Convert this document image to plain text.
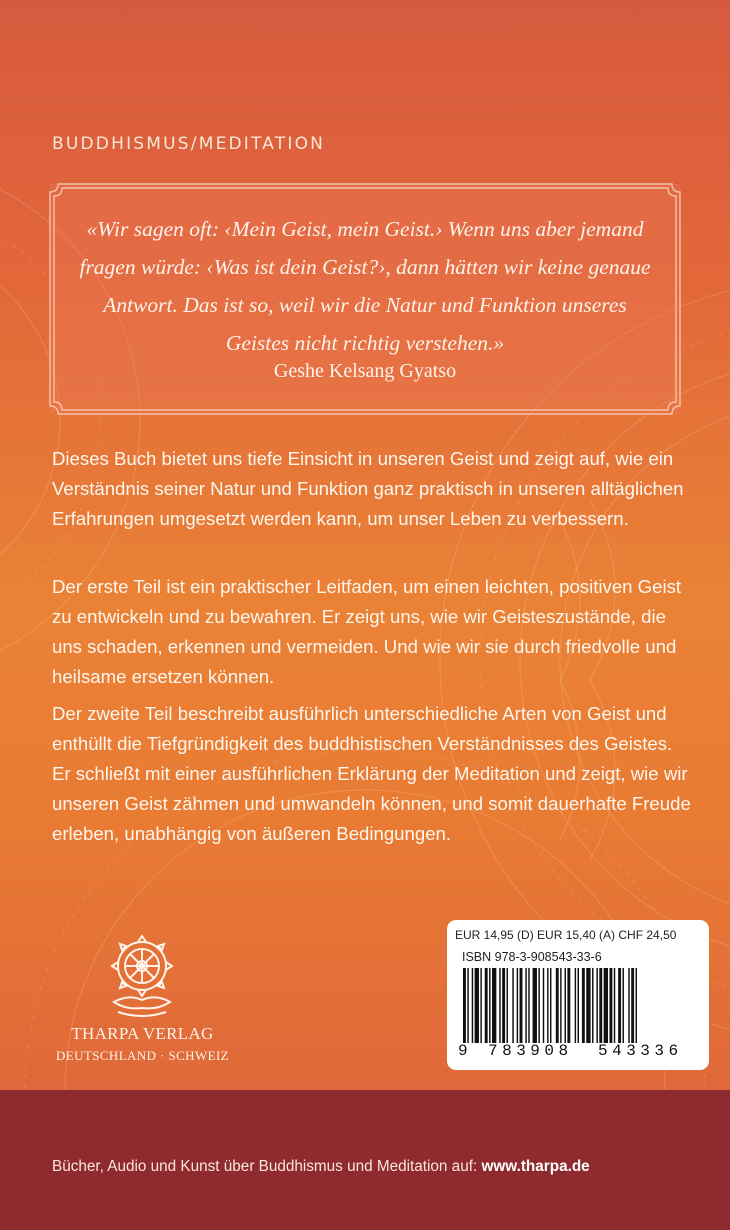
BUDDHISMUS/MEDITATION
«Wir sagen oft: ‹Mein Geist, mein Geist.› Wenn uns aber jemand fragen würde: ‹Was ist dein Geist?›, dann hätten wir keine genaue Antwort. Das ist so, weil wir die Natur und Funktion unseres Geistes nicht richtig verstehen.»
Geshe Kelsang Gyatso
Dieses Buch bietet uns tiefe Einsicht in unseren Geist und zeigt auf, wie ein Verständnis seiner Natur und Funktion ganz praktisch in unseren alltäglichen Erfahrungen umgesetzt werden kann, um unser Leben zu verbessern.
Der erste Teil ist ein praktischer Leitfaden, um einen leichten, positiven Geist zu entwickeln und zu bewahren. Er zeigt uns, wie wir Geisteszustände, die uns schaden, erkennen und vermeiden. Und wie wir sie durch friedvolle und heilsame ersetzen können.
Der zweite Teil beschreibt ausführlich unterschiedliche Arten von Geist und enthüllt die Tiefgründigkeit des buddhistischen Verständnisses des Geistes. Er schließt mit einer ausführlichen Erklärung der Meditation und zeigt, wie wir unseren Geist zähmen und umwandeln können, und somit dauerhafte Freude erleben, unabhängig von äußeren Bedingungen.
THARPA VERLAG
DEUTSCHLAND · SCHWEIZ
EUR 14,95 (D) EUR 15,40 (A) CHF 24,50
ISBN 978-3-908543-33-6
9 783908 543336
Bücher, Audio und Kunst über Buddhismus und Meditation auf: www.tharpa.de
